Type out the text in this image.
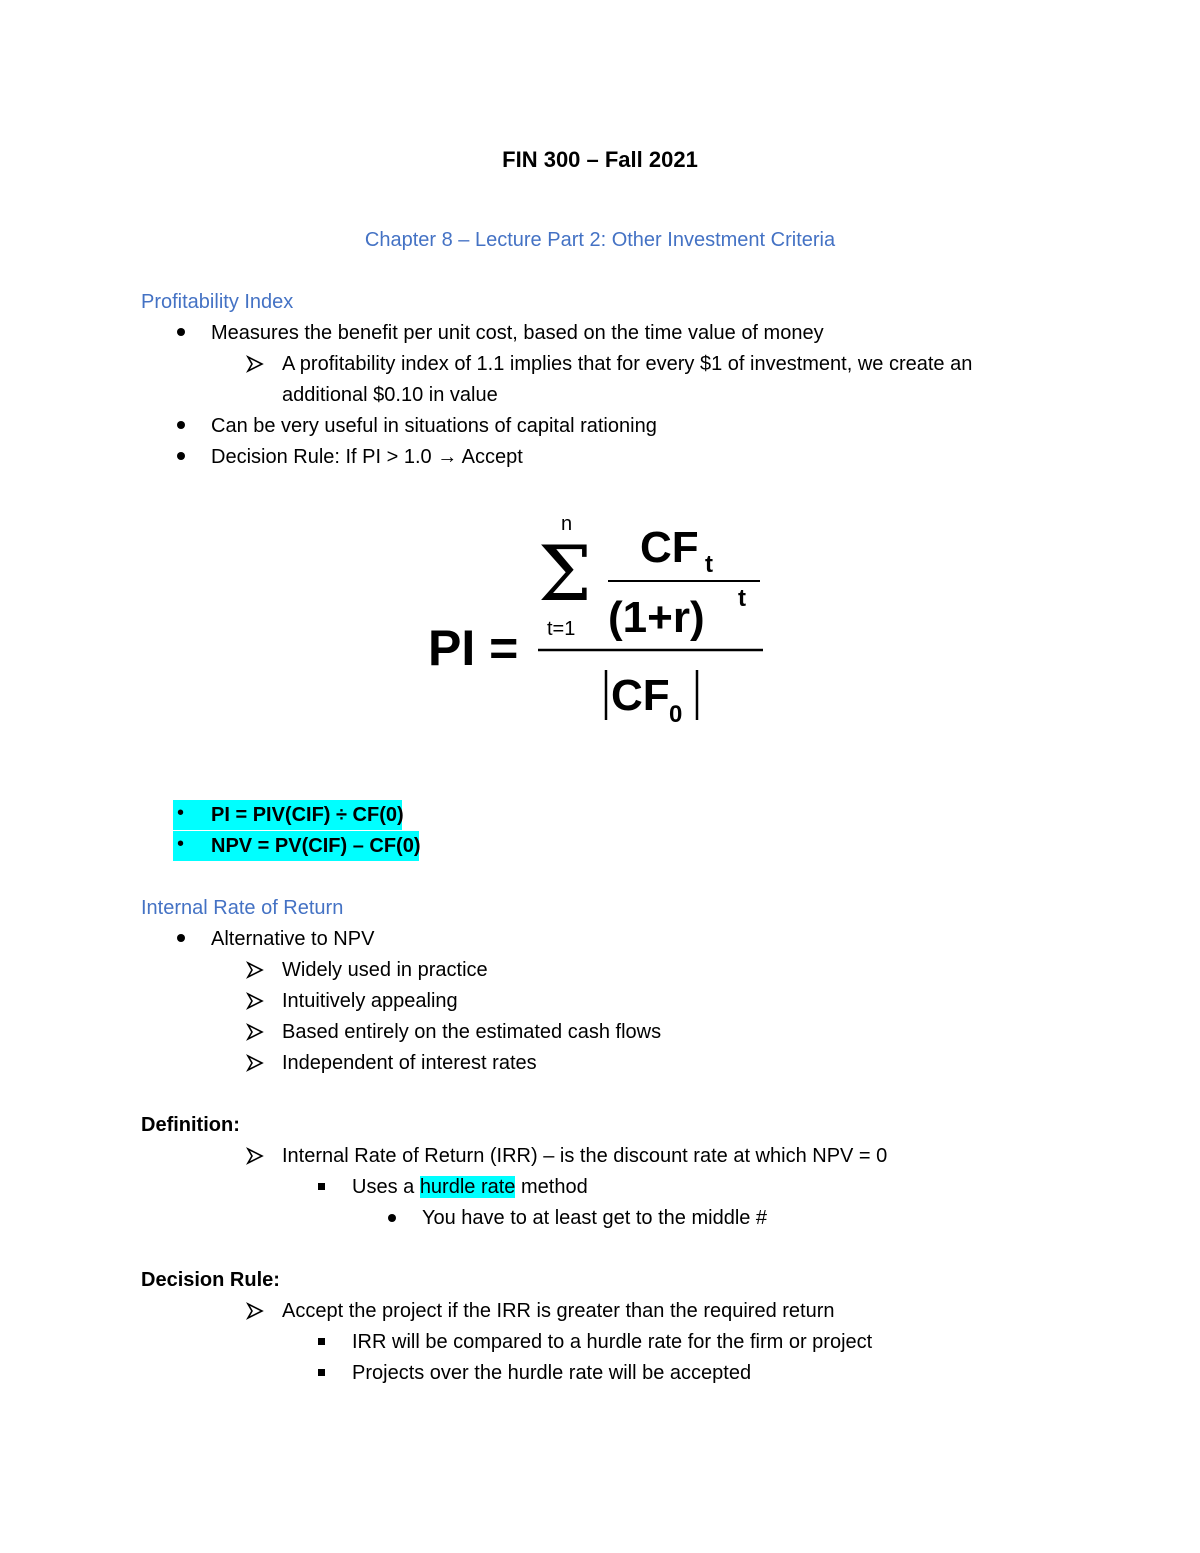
FIN 300 – Fall 2021
Chapter 8 – Lecture Part 2: Other Investment Criteria
Profitability Index
Measures the benefit per unit cost, based on the time value of money
A profitability index of 1.1 implies that for every $1 of investment, we create an
additional $0.10 in value
Can be very useful in situations of capital rationing
Decision Rule: If PI > 1.0 → Accept
PI =
n
Σ
t=1
CF t
(1+r) t
CF 0
• PI = PIV(CIF) ÷ CF(0)
• NPV = PV(CIF) – CF(0)
Internal Rate of Return
Alternative to NPV
Widely used in practice
Intuitively appealing
Based entirely on the estimated cash flows
Independent of interest rates
Definition:
Internal Rate of Return (IRR) – is the discount rate at which NPV = 0
Uses a hurdle rate method
You have to at least get to the middle #
Decision Rule:
Accept the project if the IRR is greater than the required return
IRR will be compared to a hurdle rate for the firm or project
Projects over the hurdle rate will be accepted
